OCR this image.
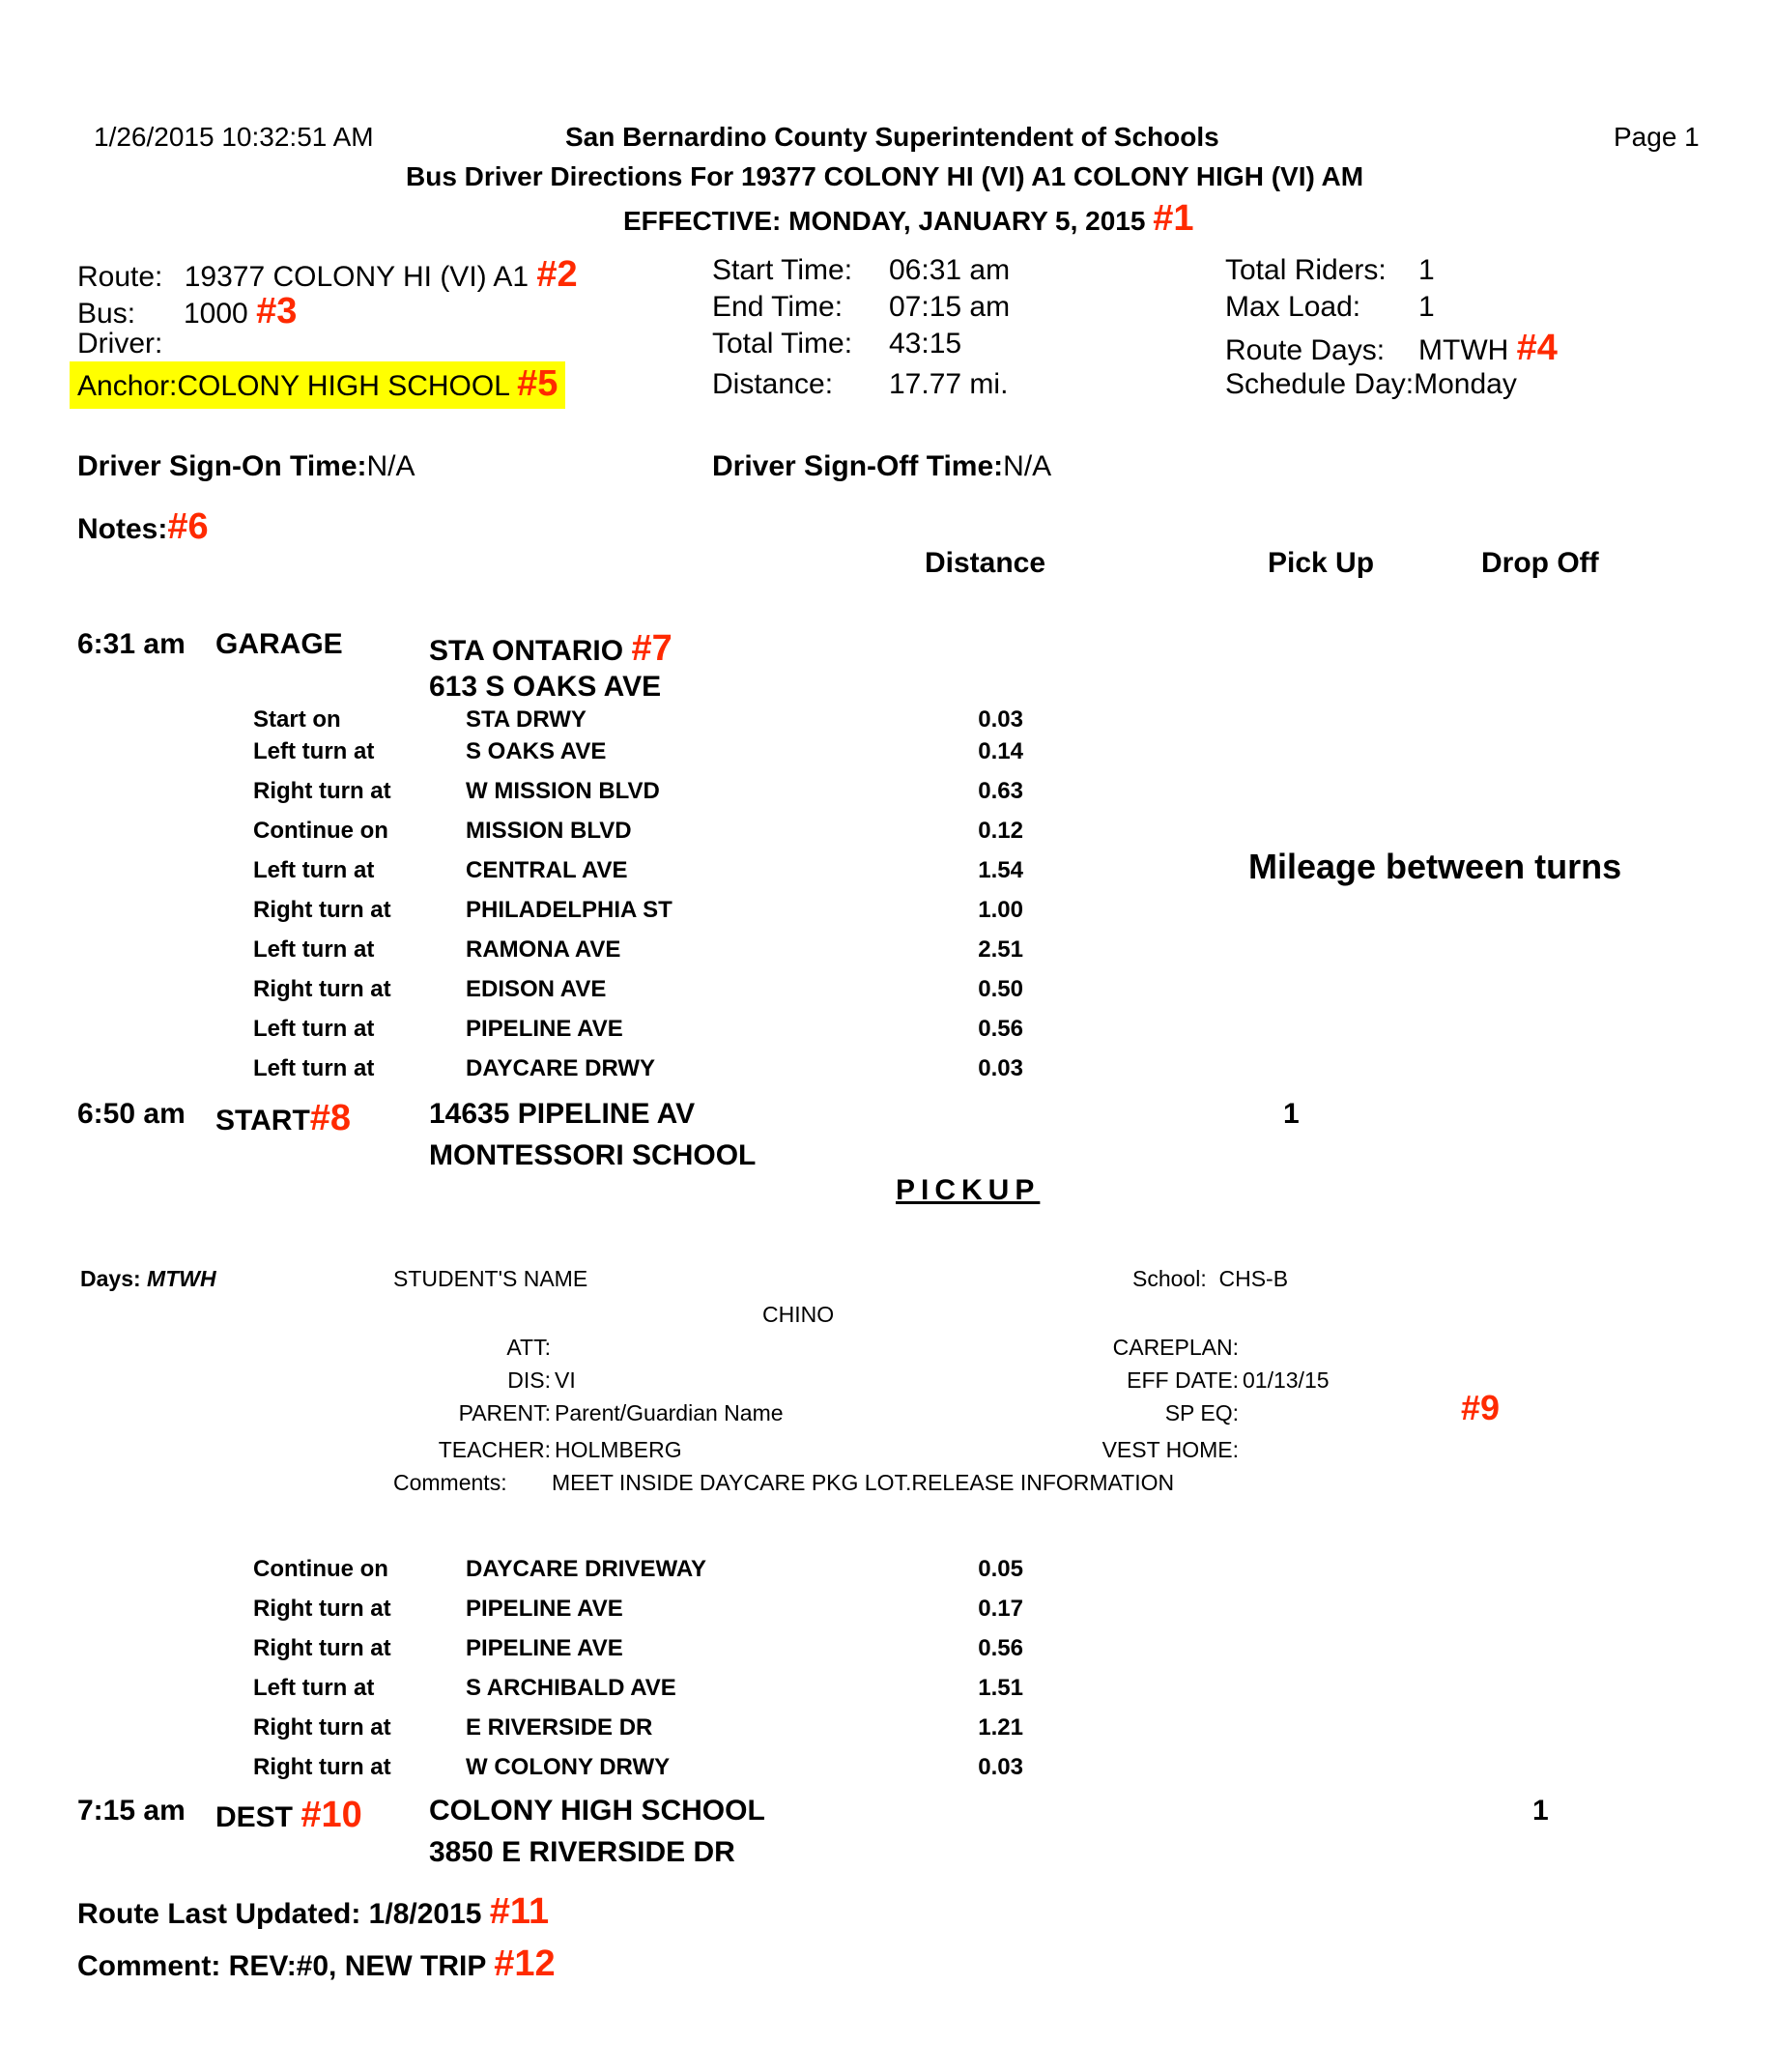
1/26/2015 10:32:51 AM	San Bernardino County Superintendent of Schools	Page 1
Bus Driver Directions For 19377 COLONY HI (VI) A1 COLONY HIGH (VI) AM
EFFECTIVE: MONDAY, JANUARY 5, 2015 #1
Route: 19377 COLONY HI (VI) A1 #2
Bus: 1000 #3
Driver:
Anchor:COLONY HIGH SCHOOL #5
Start Time: 06:31 am
End Time: 07:15 am
Total Time: 43:15
Distance: 17.77 mi.
Total Riders: 1
Max Load: 1
Route Days: MTWH #4
Schedule Day:Monday
Driver Sign-On Time:N/A	Driver Sign-Off Time:N/A
Notes:#6
Distance	Pick Up	Drop Off
6:31 am GARAGE	STA ONTARIO #7
613 S OAKS AVE
Start on	STA DRWY	0.03
Left turn at	S OAKS AVE	0.14
Right turn at	W MISSION BLVD	0.63
Continue on	MISSION BLVD	0.12
Left turn at	CENTRAL AVE	1.54
Right turn at	PHILADELPHIA ST	1.00
Left turn at	RAMONA AVE	2.51
Right turn at	EDISON AVE	0.50
Left turn at	PIPELINE AVE	0.56
Left turn at	DAYCARE DRWY	0.03
Mileage between turns
6:50 am START#8	14635 PIPELINE AV	1
MONTESSORI SCHOOL
PICKUP
Days: MTWH	STUDENT'S NAME	School: CHS-B
CHINO
ATT:
DIS: VI
PARENT: Parent/Guardian Name
TEACHER: HOLMBERG
Comments: MEET INSIDE DAYCARE PKG LOT.RELEASE INFORMATION
CAREPLAN:
EFF DATE: 01/13/15
SP EQ:
VEST HOME:
#9
Continue on	DAYCARE DRIVEWAY	0.05
Right turn at	PIPELINE AVE	0.17
Right turn at	PIPELINE AVE	0.56
Left turn at	S ARCHIBALD AVE	1.51
Right turn at	E RIVERSIDE DR	1.21
Right turn at	W COLONY DRWY	0.03
7:15 am DEST #10 COLONY HIGH SCHOOL	1
3850 E RIVERSIDE DR
Route Last Updated: 1/8/2015 #11
Comment: REV:#0, NEW TRIP #12
